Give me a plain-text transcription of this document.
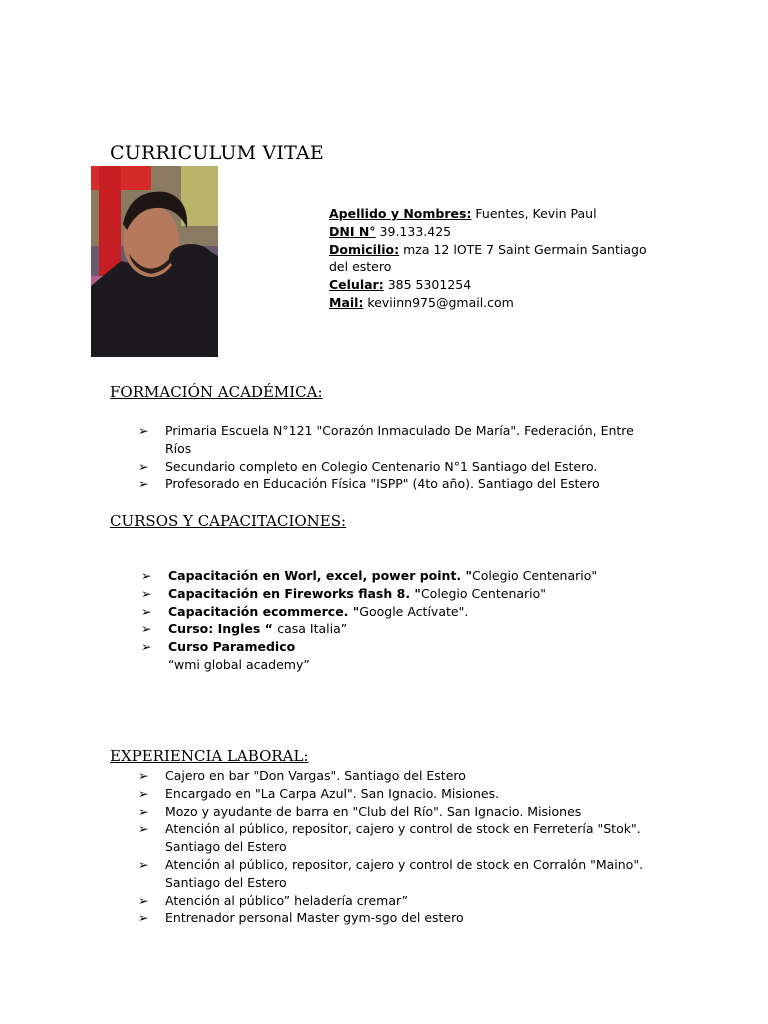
CURRICULUM VITAE
Apellido y Nombres: Fuentes, Kevin Paul
DNI N° 39.133.425
Domicilio: mza 12 lOTE 7 Saint Germain Santiago del estero
Celular: 385 5301254
Mail: keviinn975@gmail.com
FORMACIÓN ACADÉMICA:
➢ Primaria Escuela N°121 "Corazón Inmaculado De María". Federación, Entre Ríos
➢ Secundario completo en Colegio Centenario N°1 Santiago del Estero.
➢ Profesorado en Educación Física "ISPP" (4to año). Santiago del Estero
CURSOS Y CAPACITACIONES:
➢ Capacitación en Worl, excel, power point. "Colegio Centenario"
➢ Capacitación en Fireworks flash 8. "Colegio Centenario"
➢ Capacitación ecommerce. "Google Actívate".
➢ Curso: Ingles “ casa Italia”
➢ Curso Paramedico
“wmi global academy”
EXPERIENCIA LABORAL:
➢ Cajero en bar "Don Vargas". Santiago del Estero
➢ Encargado en "La Carpa Azul". San Ignacio. Misiones.
➢ Mozo y ayudante de barra en "Club del Río". San Ignacio. Misiones
➢ Atención al público, repositor, cajero y control de stock en Ferretería "Stok". Santiago del Estero
➢ Atención al público, repositor, cajero y control de stock en Corralón "Maino". Santiago del Estero
➢ Atención al público” heladería cremar”
➢ Entrenador personal Master gym-sgo del estero
